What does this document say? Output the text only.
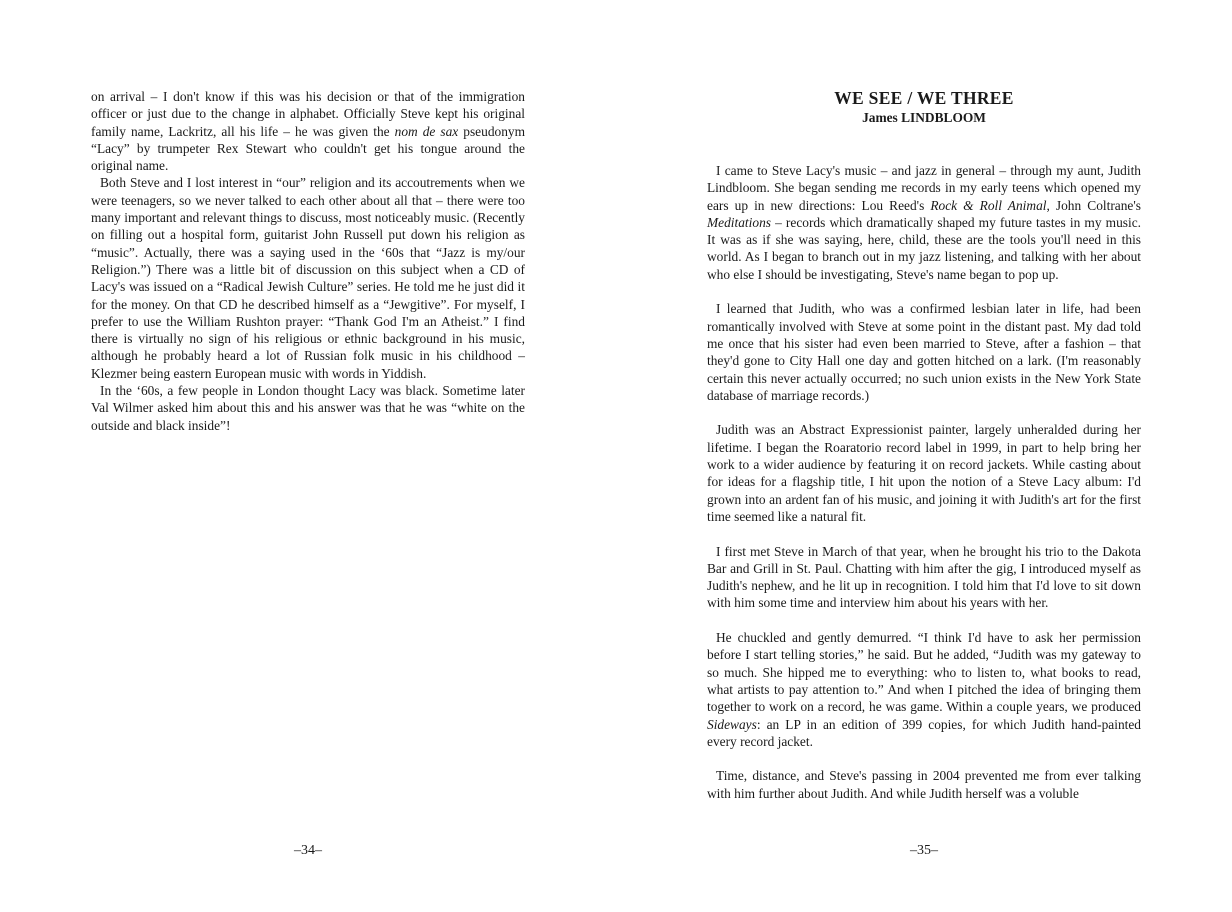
on arrival – I don't know if this was his decision or that of the immigration officer or just due to the change in alphabet. Officially Steve kept his original family name, Lackritz, all his life – he was given the nom de sax pseudonym “Lacy” by trumpeter Rex Stewart who couldn't get his tongue around the original name.

Both Steve and I lost interest in “our” religion and its accoutrements when we were teenagers, so we never talked to each other about all that – there were too many important and relevant things to discuss, most noticeably music. (Recently on filling out a hospital form, guitarist John Russell put down his religion as “music”. Actually, there was a saying used in the ‘60s that “Jazz is my/our Religion.”) There was a little bit of discussion on this subject when a CD of Lacy's was issued on a “Radical Jewish Culture” series. He told me he just did it for the money. On that CD he described himself as a “Jewgitive”. For myself, I prefer to use the William Rushton prayer: “Thank God I'm an Atheist.” I find there is virtually no sign of his religious or ethnic background in his music, although he probably heard a lot of Russian folk music in his childhood – Klezmer being eastern European music with words in Yiddish.

In the ‘60s, a few people in London thought Lacy was black. Sometime later Val Wilmer asked him about this and his answer was that he was “white on the outside and black inside”!

–34–
WE SEE / WE THREE
James LINDBLOOM

I came to Steve Lacy's music – and jazz in general – through my aunt, Judith Lindbloom. She began sending me records in my early teens which opened my ears up in new directions: Lou Reed's Rock & Roll Animal, John Coltrane's Meditations – records which dramatically shaped my future tastes in my music. It was as if she was saying, here, child, these are the tools you'll need in this world. As I began to branch out in my jazz listening, and talking with her about who else I should be investigating, Steve's name began to pop up.

I learned that Judith, who was a confirmed lesbian later in life, had been romantically involved with Steve at some point in the distant past. My dad told me once that his sister had even been married to Steve, after a fashion – that they'd gone to City Hall one day and gotten hitched on a lark. (I'm reasonably certain this never actually occurred; no such union exists in the New York State database of marriage records.)

Judith was an Abstract Expressionist painter, largely unheralded during her lifetime. I began the Roaratorio record label in 1999, in part to help bring her work to a wider audience by featuring it on record jackets. While casting about for ideas for a flagship title, I hit upon the notion of a Steve Lacy album: I'd grown into an ardent fan of his music, and joining it with Judith's art for the first time seemed like a natural fit.

I first met Steve in March of that year, when he brought his trio to the Dakota Bar and Grill in St. Paul. Chatting with him after the gig, I introduced myself as Judith's nephew, and he lit up in recognition. I told him that I'd love to sit down with him some time and interview him about his years with her.

He chuckled and gently demurred. “I think I'd have to ask her permission before I start telling stories,” he said. But he added, “Judith was my gateway to so much. She hipped me to everything: who to listen to, what books to read, what artists to pay attention to.” And when I pitched the idea of bringing them together to work on a record, he was game. Within a couple years, we produced Sideways: an LP in an edition of 399 copies, for which Judith hand-painted every record jacket.

Time, distance, and Steve's passing in 2004 prevented me from ever talking with him further about Judith. And while Judith herself was a voluble

–35–
